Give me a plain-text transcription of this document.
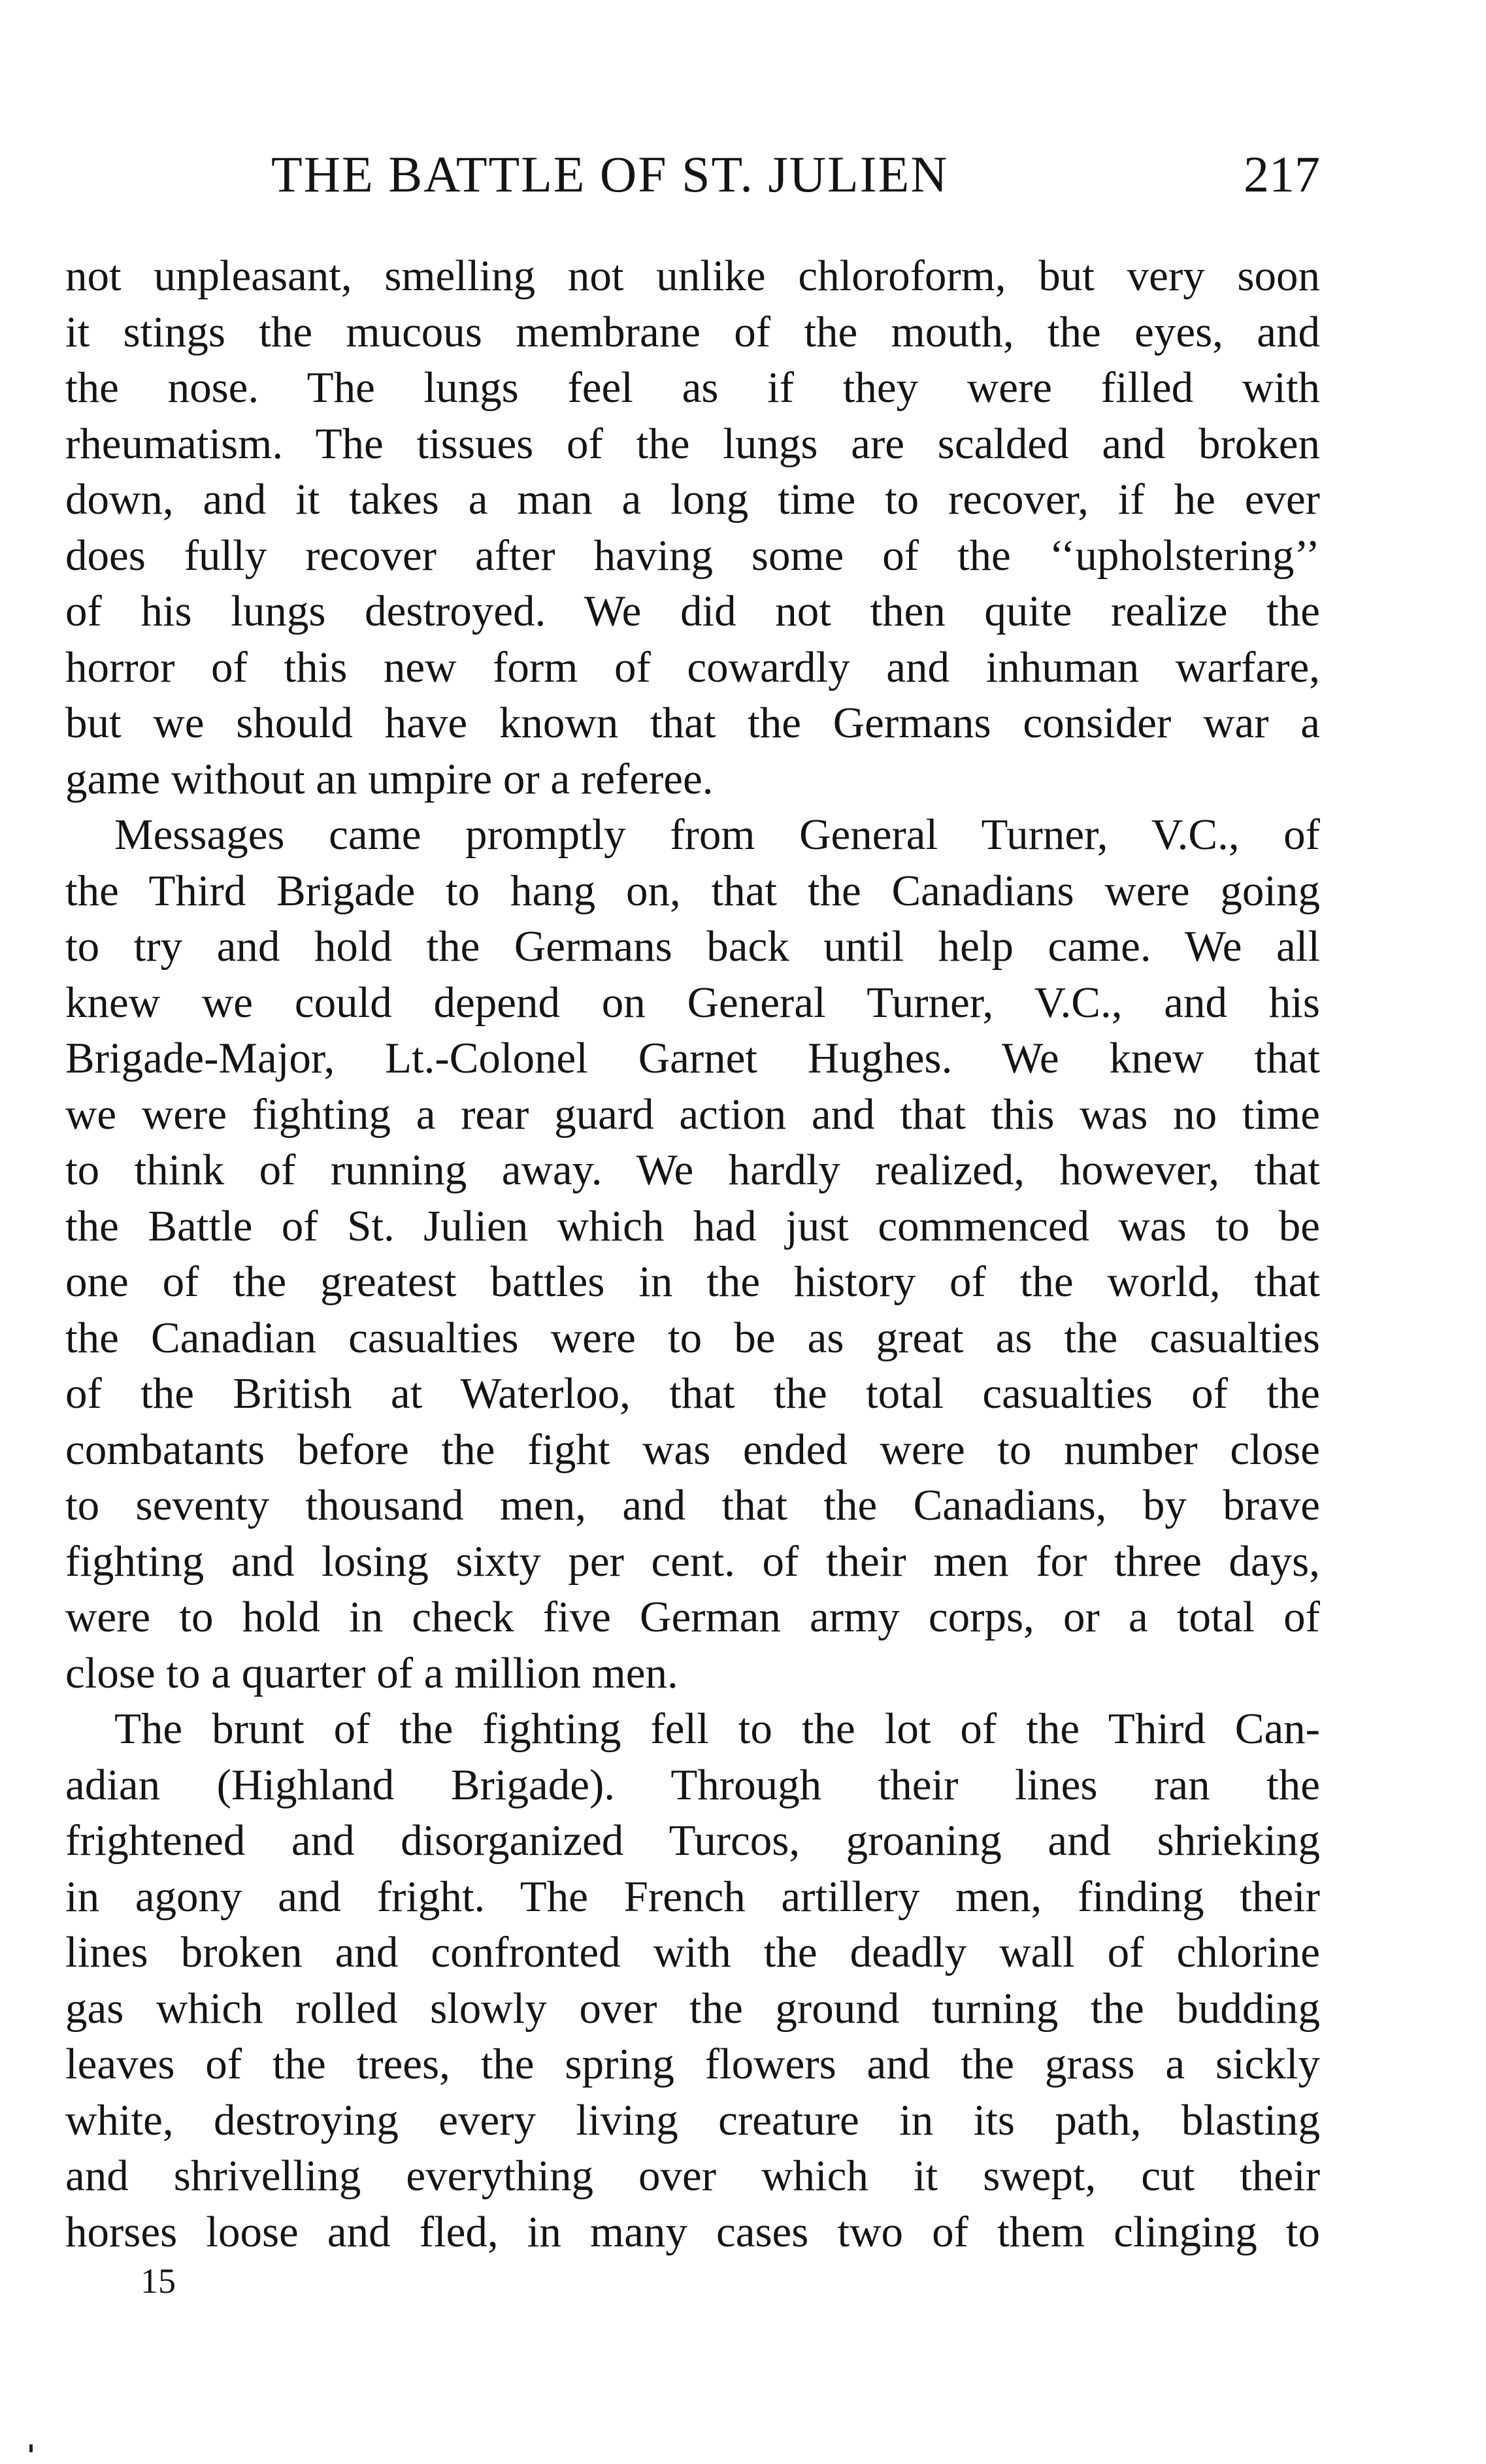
THE BATTLE OF ST. JULIEN	217
not unpleasant, smelling not unlike chloroform, but very soon
it stings the mucous membrane of the mouth, the eyes, and
the nose. The lungs feel as if they were filled with
rheumatism. The tissues of the lungs are scalded and broken
down, and it takes a man a long time to recover, if he ever
does fully recover after having some of the ‘‘upholstering’’
of his lungs destroyed. We did not then quite realize the
horror of this new form of cowardly and inhuman warfare,
but we should have known that the Germans consider war a
game without an umpire or a referee.
Messages came promptly from General Turner, V.C., of
the Third Brigade to hang on, that the Canadians were going
to try and hold the Germans back until help came. We all
knew we could depend on General Turner, V.C., and his
Brigade-Major, Lt.-Colonel Garnet Hughes. We knew that
we were fighting a rear guard action and that this was no time
to think of running away. We hardly realized, however, that
the Battle of St. Julien which had just commenced was to be
one of the greatest battles in the history of the world, that
the Canadian casualties were to be as great as the casualties
of the British at Waterloo, that the total casualties of the
combatants before the fight was ended were to number close
to seventy thousand men, and that the Canadians, by brave
fighting and losing sixty per cent. of their men for three days,
were to hold in check five German army corps, or a total of
close to a quarter of a million men.
The brunt of the fighting fell to the lot of the Third Can-
adian (Highland Brigade). Through their lines ran the
frightened and disorganized Turcos, groaning and shrieking
in agony and fright. The French artillery men, finding their
lines broken and confronted with the deadly wall of chlorine
gas which rolled slowly over the ground turning the budding
leaves of the trees, the spring flowers and the grass a sickly
white, destroying every living creature in its path, blasting
and shrivelling everything over which it swept, cut their
horses loose and fled, in many cases two of them clinging to
15
